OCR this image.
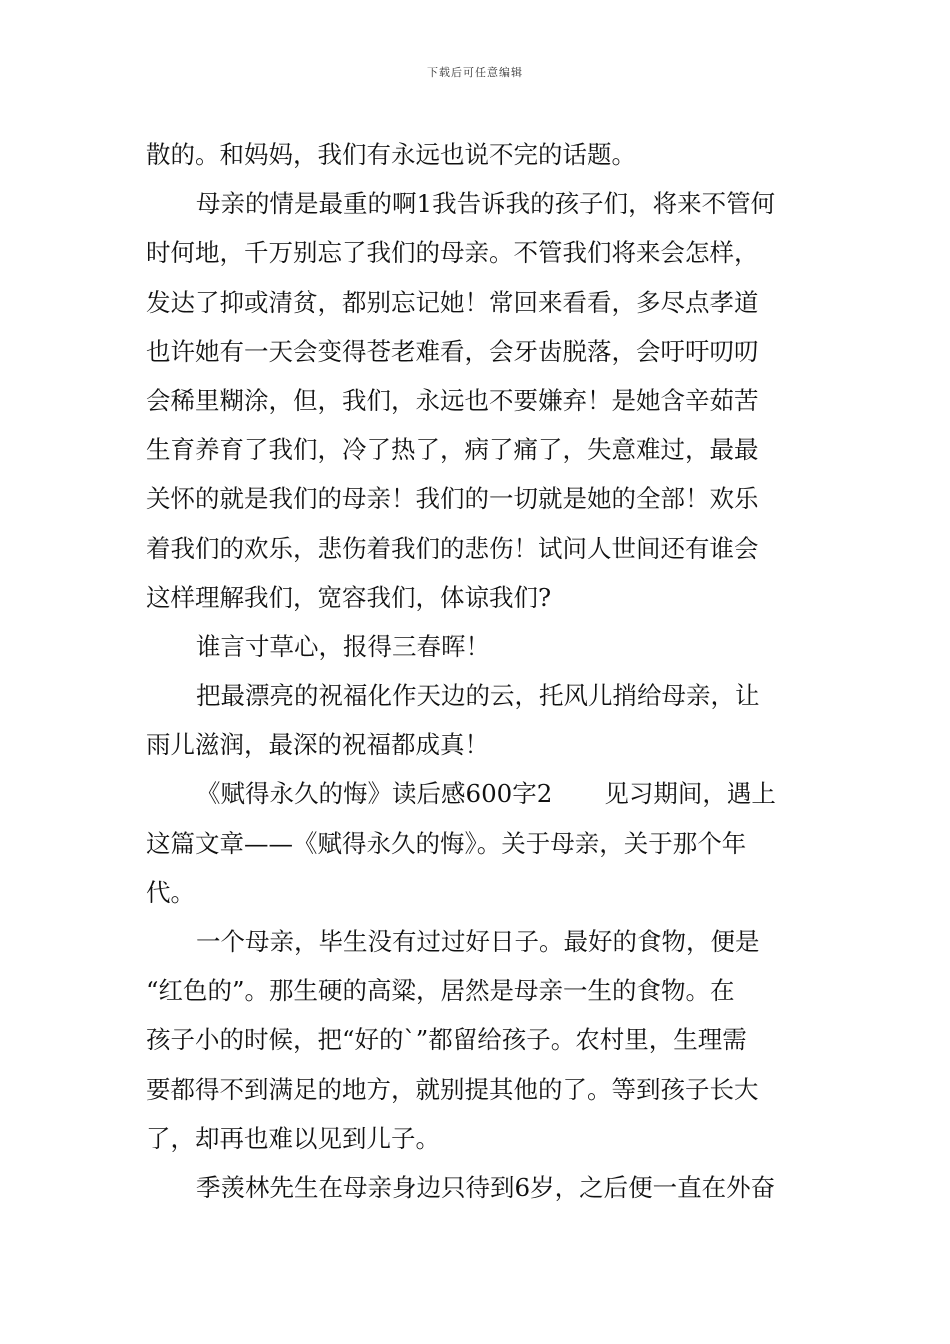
下载后可任意编辑
散的。和妈妈，我们有永远也说不完的话题。
母亲的情是最重的啊1我告诉我的孩子们，将来不管何
时何地，千万别忘了我们的母亲。不管我们将来会怎样，
发达了抑或清贫，都别忘记她！常回来看看，多尽点孝道
也许她有一天会变得苍老难看，会牙齿脱落，会吁吁叨叨
会稀里糊涂，但，我们，永远也不要嫌弃！是她含辛茹苦
生育养育了我们，冷了热了，病了痛了，失意难过，最最
关怀的就是我们的母亲！我们的一切就是她的全部！欢乐
着我们的欢乐，悲伤着我们的悲伤！试问人世间还有谁会
这样理解我们，宽容我们，体谅我们?
谁言寸草心，报得三春晖！
把最漂亮的祝福化作天边的云，托风儿捎给母亲，让
雨儿滋润，最深的祝福都成真！
《赋得永久的悔》读后感600字2 见习期间，遇上
这篇文章——《赋得永久的悔》。关于母亲，关于那个年
代。
一个母亲，毕生没有过过好日子。最好的食物，便是
“红色的”。那生硬的高粱，居然是母亲一生的食物。在
孩子小的时候，把“好的`”都留给孩子。农村里，生理需
要都得不到满足的地方，就别提其他的了。等到孩子长大
了，却再也难以见到儿子。
季羡林先生在母亲身边只待到6岁，之后便一直在外奋
